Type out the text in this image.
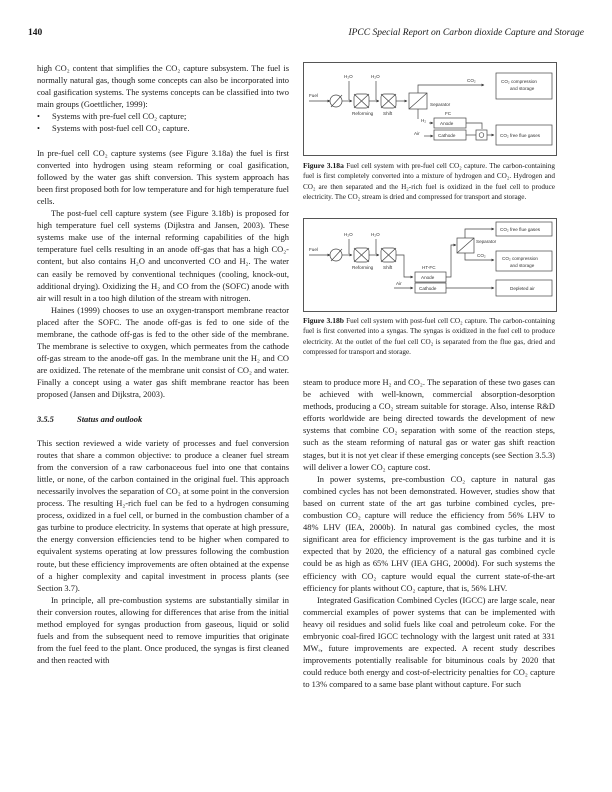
140	IPCC Special Report on Carbon dioxide Capture and Storage

high CO₂ content that simplifies the CO₂ capture subsystem. The fuel is normally natural gas, though some concepts can also be incorporated into coal gasification systems. The systems concepts can be classified into two main groups (Goettlicher, 1999):

• Systems with pre-fuel cell CO₂ capture;
• Systems with post-fuel cell CO₂ capture.

In pre-fuel cell CO₂ capture systems (see Figure 3.18a) the fuel is first converted into hydrogen using steam reforming or coal gasification, followed by the water gas shift conversion. This system approach has been first proposed both for low temperature and for high temperature fuel cells.

The post-fuel cell capture system (see Figure 3.18b) is proposed for high temperature fuel cell systems (Dijkstra and Jansen, 2003). These systems make use of the internal reforming capabilities of the high temperature fuel cells resulting in an anode off-gas that has a high CO₂-content, but also contains H₂O and unconverted CO and H₂. The water can easily be removed by conventional techniques (cooling, knock-out, additional drying). Oxidizing the H₂ and CO from the (SOFC) anode with air will result in a too high dilution of the stream with nitrogen.

Haines (1999) chooses to use an oxygen-transport membrane reactor placed after the SOFC. The anode off-gas is fed to one side of the membrane, the cathode off-gas is fed to the other side of the membrane. The membrane is selective to oxygen, which permeates from the cathode off-gas stream to the anode-off gas. In the membrane unit the H₂ and CO are oxidized. The retenate of the membrane unit consist of CO₂ and water. Finally a concept using a water gas shift membrane reactor has been proposed (Jansen and Dijkstra, 2003).

3.5.5	Status and outlook

This section reviewed a wide variety of processes and fuel conversion routes that share a common objective: to produce a cleaner fuel stream from the conversion of a raw carbonaceous fuel into one that contains little, or none, of the carbon contained in the original fuel. This approach necessarily involves the separation of CO₂ at some point in the conversion process. The resulting H₂-rich fuel can be fed to a hydrogen consuming process, oxidized in a fuel cell, or burned in the combustion chamber of a gas turbine to produce electricity. In systems that operate at high pressure, the energy conversion efficiencies tend to be higher when compared to equivalent systems operating at low pressures following the combustion route, but these efficiency improvements are often obtained at the expense of a higher complexity and capital investment in process plants (see Section 3.7).

In principle, all pre-combustion systems are substantially similar in their conversion routes, allowing for differences that arise from the initial method employed for syngas production from gaseous, liquid or solid fuels and from the subsequent need to remove impurities that originate from the fuel feed to the plant. Once produced, the syngas is first cleaned and then reacted with

Fuel
H₂O	H₂O
Reforming Shift
Separator
CO₂
FC
H₂
Anode
Cathode
Air
CO₂ compression
and storage
CO₂ free flue gases
Figure 3.18a Fuel cell system with pre-fuel cell CO₂ capture. The carbon-containing fuel is first completely converted into a mixture of hydrogen and CO₂. Hydrogen and CO₂ are then separated and the H₂-rich fuel is oxidized in the fuel cell to produce electricity. The CO₂ stream is dried and compressed for transport and storage.
Fuel
H₂O	H₂O
Reforming Shift	HT-FC
Anode
Cathode
Air
Separator
CO₂
CO₂ free flue gases
CO₂ compression
and storage
Depleted air
Figure 3.18b Fuel cell system with post-fuel cell CO₂ capture. The carbon-containing fuel is first converted into a syngas. The syngas is oxidized in the fuel cell to produce electricity. At the outlet of the fuel cell CO₂ is separated from the flue gas, dried and compressed for transport and storage.

steam to produce more H₂ and CO₂. The separation of these two gases can be achieved with well-known, commercial absorption-desorption methods, producing a CO₂ stream suitable for storage. Also, intense R&D efforts worldwide are being directed towards the development of new systems that combine CO₂ separation with some of the reaction steps, such as the steam reforming of natural gas or water gas shift reaction stages, but it is not yet clear if these emerging concepts (see Section 3.5.3) will deliver a lower CO₂ capture cost.

In power systems, pre-combustion CO₂ capture in natural gas combined cycles has not been demonstrated. However, studies show that based on current state of the art gas turbine combined cycles, pre-combustion CO₂ capture will reduce the efficiency from 56% LHV to 48% LHV (IEA, 2000b). In natural gas combined cycles, the most significant area for efficiency improvement is the gas turbine and it is expected that by 2020, the efficiency of a natural gas combined cycle could be as high as 65% LHV (IEA GHG, 2000d). For such systems the efficiency with CO₂ capture would equal the current state-of-the-art efficiency for plants without CO₂ capture, that is, 56% LHV.

Integrated Gasification Combined Cycles (IGCC) are large scale, near commercial examples of power systems that can be implemented with heavy oil residues and solid fuels like coal and petroleum coke. For the embryonic coal-fired IGCC technology with the largest unit rated at 331 MWₑ, future improvements are expected. A recent study describes improvements potentially realisable for bituminous coals by 2020 that could reduce both energy and cost-of-electricity penalties for CO₂ capture to 13% compared to a same base plant without capture. For such
